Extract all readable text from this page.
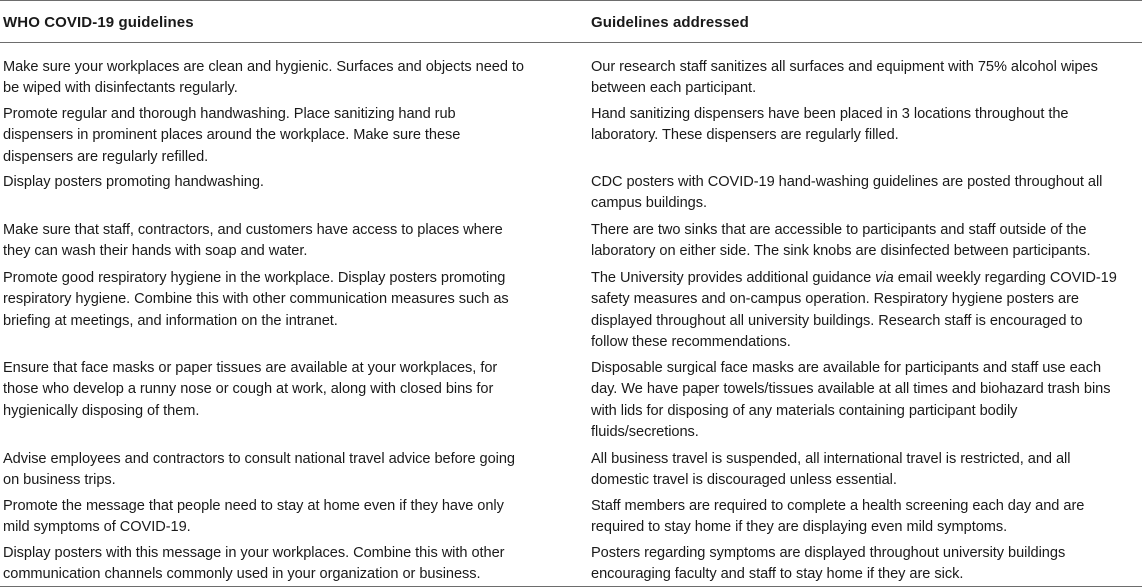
WHO COVID-19 guidelines	Guidelines addressed
Make sure your workplaces are clean and hygienic. Surfaces and objects need to
be wiped with disinfectants regularly.
Our research staff sanitizes all surfaces and equipment with 75% alcohol wipes
between each participant.
Promote regular and thorough handwashing. Place sanitizing hand rub
dispensers in prominent places around the workplace. Make sure these
dispensers are regularly refilled.
Hand sanitizing dispensers have been placed in 3 locations throughout the
laboratory. These dispensers are regularly filled.
Display posters promoting handwashing.	CDC posters with COVID-19 hand-washing guidelines are posted throughout all
campus buildings.
Make sure that staff, contractors, and customers have access to places where
they can wash their hands with soap and water.
There are two sinks that are accessible to participants and staff outside of the
laboratory on either side. The sink knobs are disinfected between participants.
Promote good respiratory hygiene in the workplace. Display posters promoting
respiratory hygiene. Combine this with other communication measures such as
briefing at meetings, and information on the intranet.
The University provides additional guidance via email weekly regarding COVID-19
safety measures and on-campus operation. Respiratory hygiene posters are
displayed throughout all university buildings. Research staff is encouraged to
follow these recommendations.
Ensure that face masks or paper tissues are available at your workplaces, for
those who develop a runny nose or cough at work, along with closed bins for
hygienically disposing of them.
Disposable surgical face masks are available for participants and staff use each
day. We have paper towels/tissues available at all times and biohazard trash bins
with lids for disposing of any materials containing participant bodily
fluids/secretions.
Advise employees and contractors to consult national travel advice before going
on business trips.
All business travel is suspended, all international travel is restricted, and all
domestic travel is discouraged unless essential.
Promote the message that people need to stay at home even if they have only
mild symptoms of COVID-19.
Staff members are required to complete a health screening each day and are
required to stay home if they are displaying even mild symptoms.
Display posters with this message in your workplaces. Combine this with other
communication channels commonly used in your organization or business.
Posters regarding symptoms are displayed throughout university buildings
encouraging faculty and staff to stay home if they are sick.
